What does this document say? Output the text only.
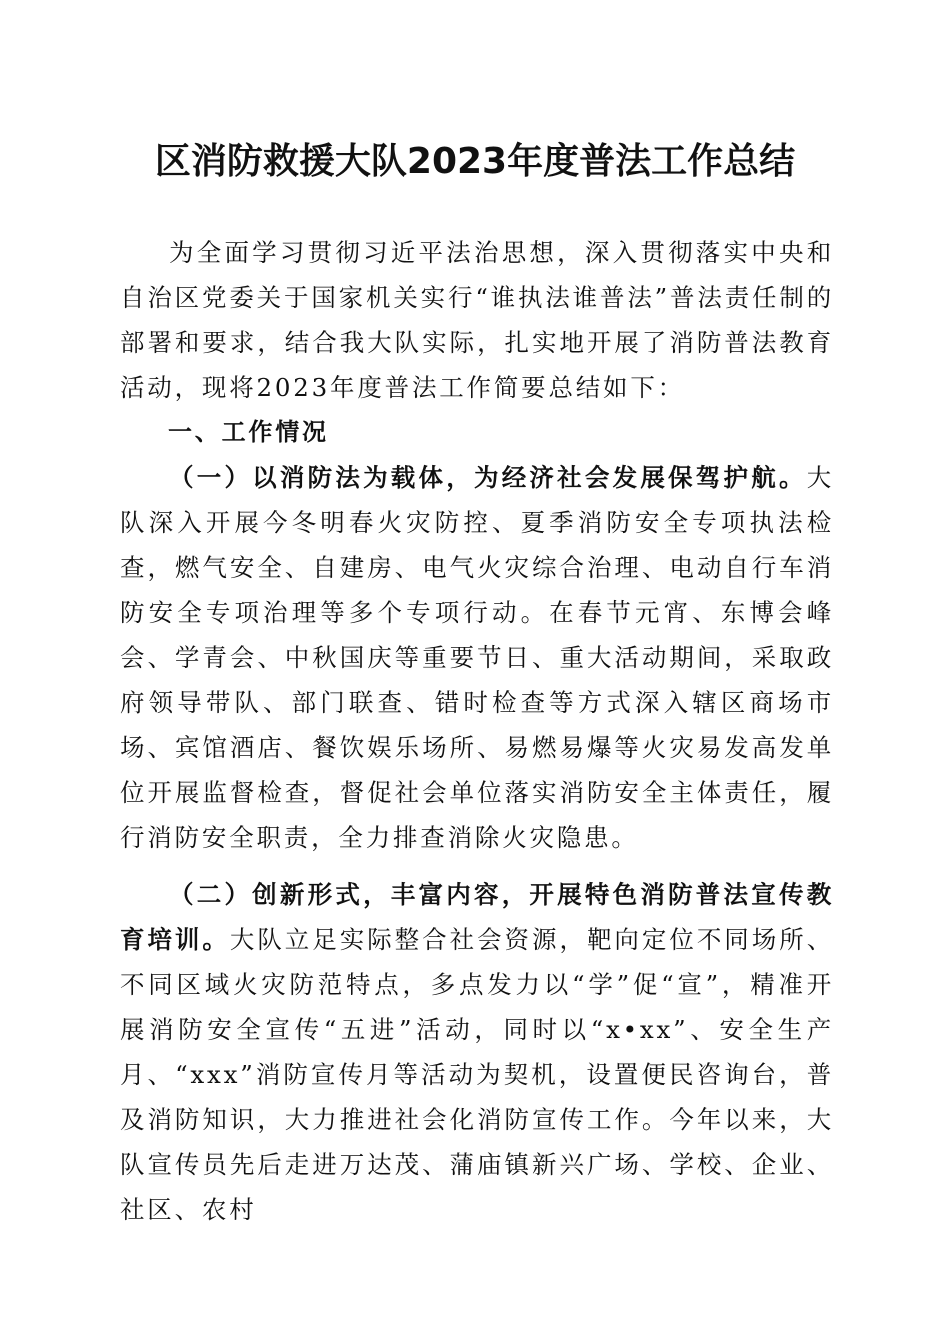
区消防救援大队2023年度普法工作总结

为全面学习贯彻习近平法治思想，深入贯彻落实中央和自治区党委关于国家机关实行“谁执法谁普法”普法责任制的部署和要求，结合我大队实际，扎实地开展了消防普法教育活动，现将2023年度普法工作简要总结如下：

一、工作情况

（一）以消防法为载体，为经济社会发展保驾护航。大队深入开展今冬明春火灾防控、夏季消防安全专项执法检查，燃气安全、自建房、电气火灾综合治理、电动自行车消防安全专项治理等多个专项行动。在春节元宵、东博会峰会、学青会、中秋国庆等重要节日、重大活动期间，采取政府领导带队、部门联查、错时检查等方式深入辖区商场市场、宾馆酒店、餐饮娱乐场所、易燃易爆等火灾易发高发单位开展监督检查，督促社会单位落实消防安全主体责任，履行消防安全职责，全力排查消除火灾隐患。

（二）创新形式，丰富内容，开展特色消防普法宣传教育培训。大队立足实际整合社会资源，靶向定位不同场所、不同区域火灾防范特点，多点发力以“学”促“宣”，精准开展消防安全宣传“五进”活动，同时以“x•xx”、安全生产月、“xxx”消防宣传月等活动为契机，设置便民咨询台，普及消防知识，大力推进社会化消防宣传工作。今年以来，大队宣传员先后走进万达茂、蒲庙镇新兴广场、学校、企业、社区、农村
